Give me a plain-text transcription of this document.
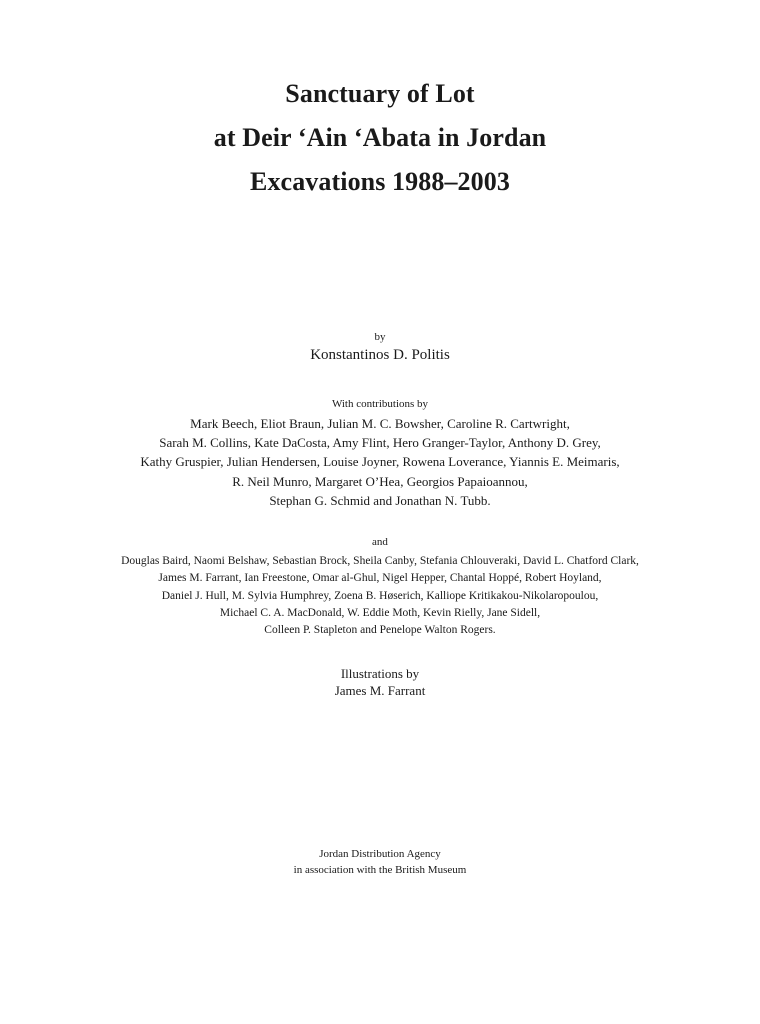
Sanctuary of Lot
at Deir ‘Ain ‘Abata in Jordan
Excavations 1988–2003
by
Konstantinos D. Politis
With contributions by
Mark Beech, Eliot Braun, Julian M. C. Bowsher, Caroline R. Cartwright,
Sarah M. Collins, Kate DaCosta, Amy Flint, Hero Granger-Taylor, Anthony D. Grey,
Kathy Gruspier, Julian Hendersen, Louise Joyner, Rowena Loverance, Yiannis E. Meimaris,
R. Neil Munro, Margaret O’Hea, Georgios Papaioannou,
Stephan G. Schmid and Jonathan N. Tubb.
and
Douglas Baird, Naomi Belshaw, Sebastian Brock, Sheila Canby, Stefania Chlouveraki, David L. Chatford Clark,
James M. Farrant, Ian Freestone, Omar al-Ghul, Nigel Hepper, Chantal Hoppé, Robert Hoyland,
Daniel J. Hull, M. Sylvia Humphrey, Zoena B. Høserich, Kalliope Kritikakou-Nikolaropoulou,
Michael C. A. MacDonald, W. Eddie Moth, Kevin Rielly, Jane Sidell,
Colleen P. Stapleton and Penelope Walton Rogers.
Illustrations by
James M. Farrant
Jordan Distribution Agency
in association with the British Museum
